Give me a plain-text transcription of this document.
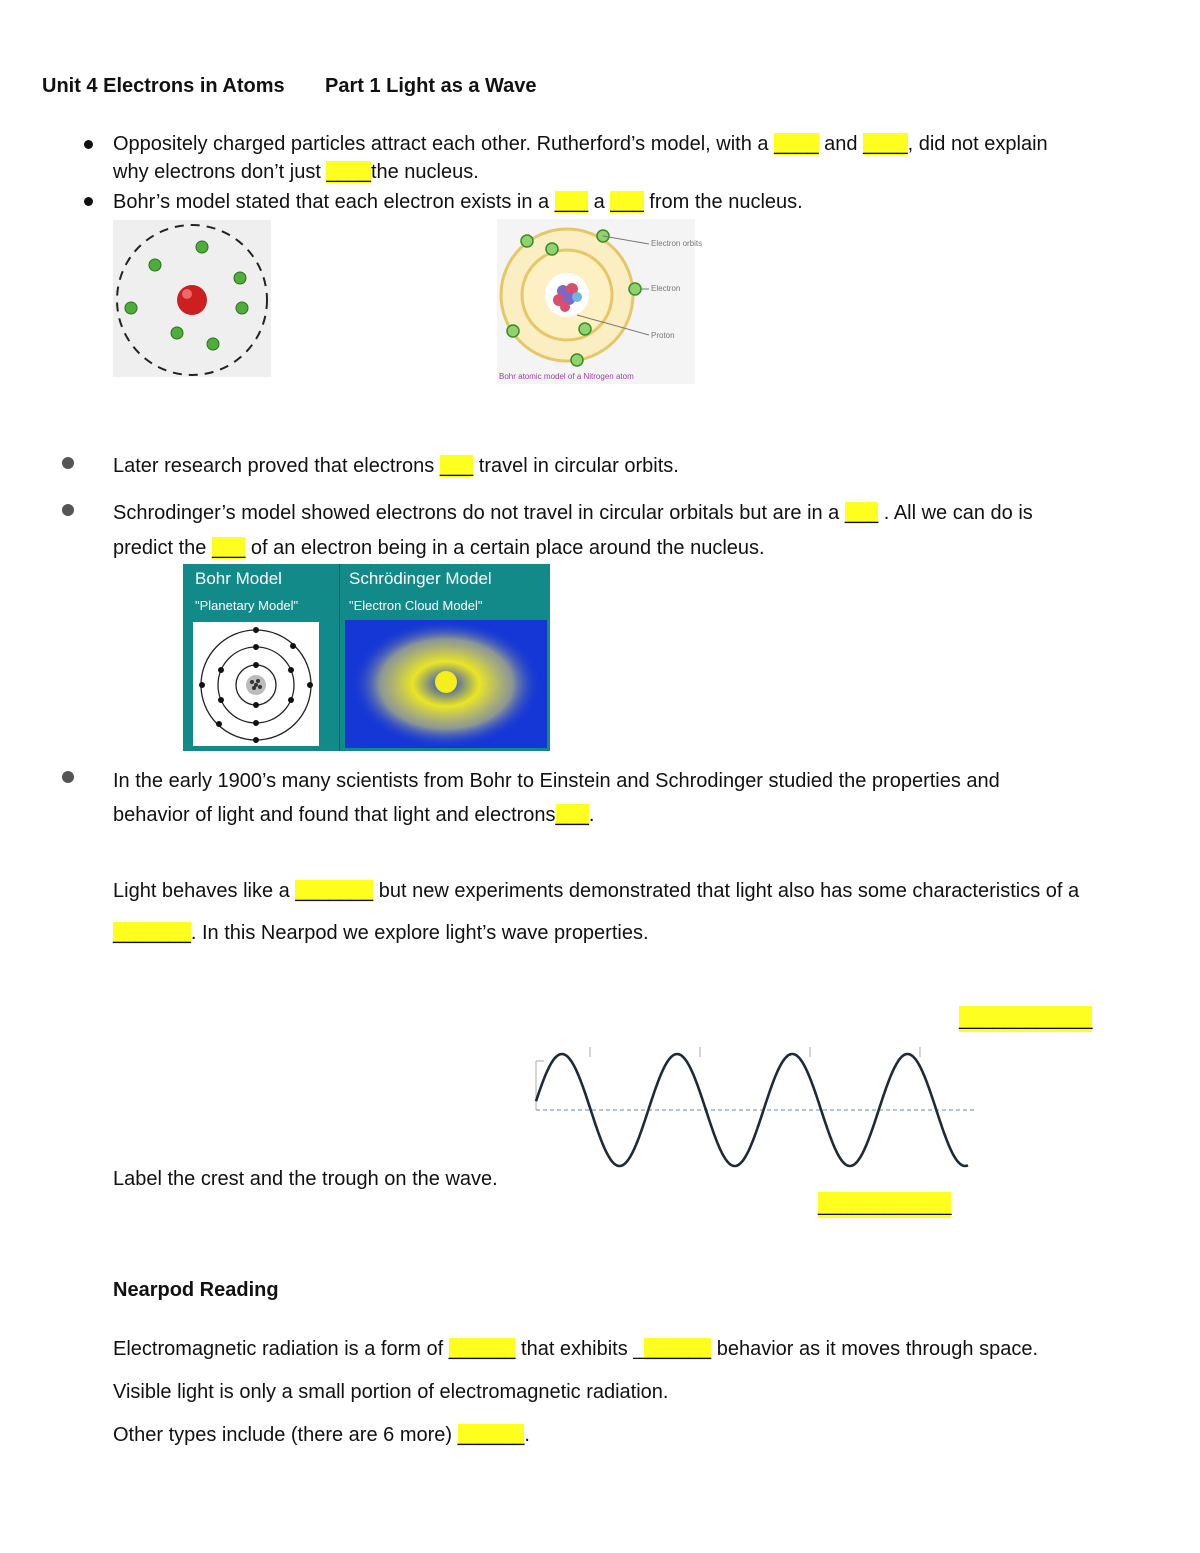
Unit 4 Electrons in Atoms Part 1 Light as a Wave
Oppositely charged particles attract each other. Rutherford’s model, with a ____ and ____, did not explain
why electrons don’t just ____the nucleus.
Bohr’s model stated that each electron exists in a ___ a ___ from the nucleus.
Electron orbits
Electron
Proton
Bohr atomic model of a Nitrogen atom
Later research proved that electrons ___ travel in circular orbits.
Schrodinger’s model showed electrons do not travel in circular orbitals but are in a ___ . All we can do is
predict the ___ of an electron being in a certain place around the nucleus.
Bohr Model
"Planetary Model"
Schrödinger Model
"Electron Cloud Model"
In the early 1900’s many scientists from Bohr to Einstein and Schrodinger studied the properties and
behavior of light and found that light and electrons___.
Light behaves like a _______ but new experiments demonstrated that light also has some characteristics of a
_______. In this Nearpod we explore light’s wave properties.
____________
____________
Label the crest and the trough on the wave.
Nearpod Reading
Electromagnetic radiation is a form of ______ that exhibits _______ behavior as it moves through space.
Visible light is only a small portion of electromagnetic radiation.
Other types include (there are 6 more) ______.
